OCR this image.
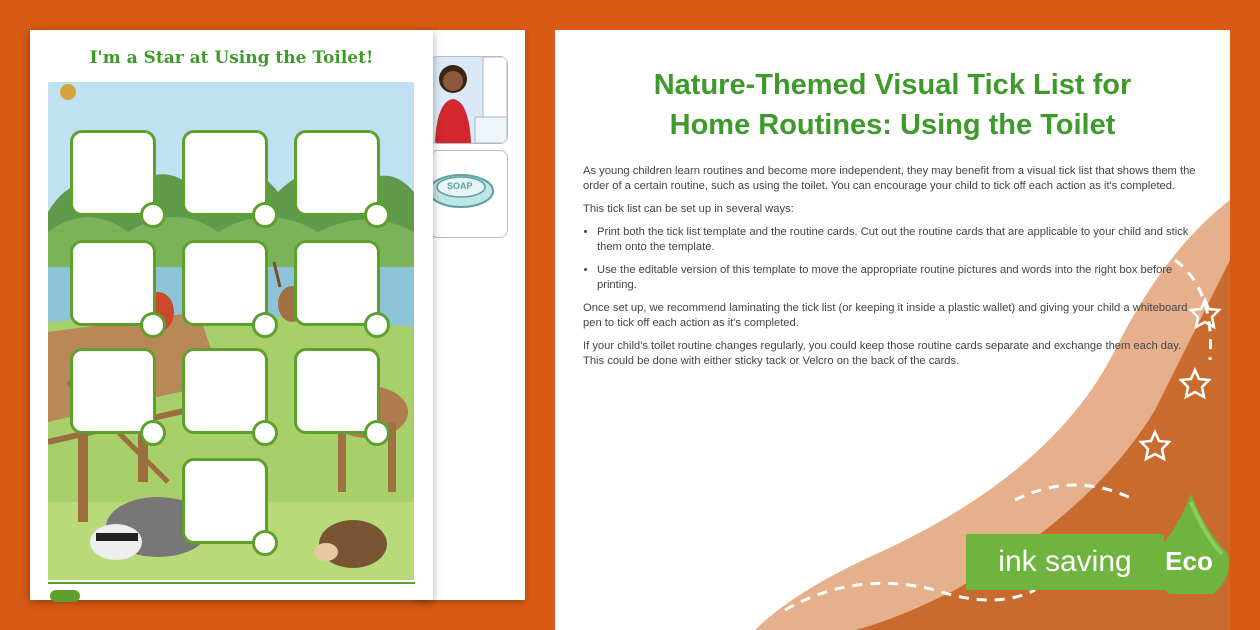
SOAP
I'm a Star at Using the Toilet!
Nature-Themed Visual Tick List for
Home Routines: Using the Toilet

As young children learn routines and become more independent, they may benefit from a visual tick list that shows them the order of a certain routine, such as using the toilet. You can encourage your child to tick off each action as it's completed.

This tick list can be set up in several ways:

• Print both the tick list template and the routine cards. Cut out the routine cards that are applicable to your child and stick them onto the template.
• Use the editable version of this template to move the appropriate routine pictures and words into the right box before printing.

Once set up, we recommend laminating the tick list (or keeping it inside a plastic wallet) and giving your child a whiteboard pen to tick off each action as it's completed.

If your child's toilet routine changes regularly, you could keep those routine cards separate and exchange them each day. This could be done with either sticky tack or Velcro on the back of the cards.

ink saving	Eco
